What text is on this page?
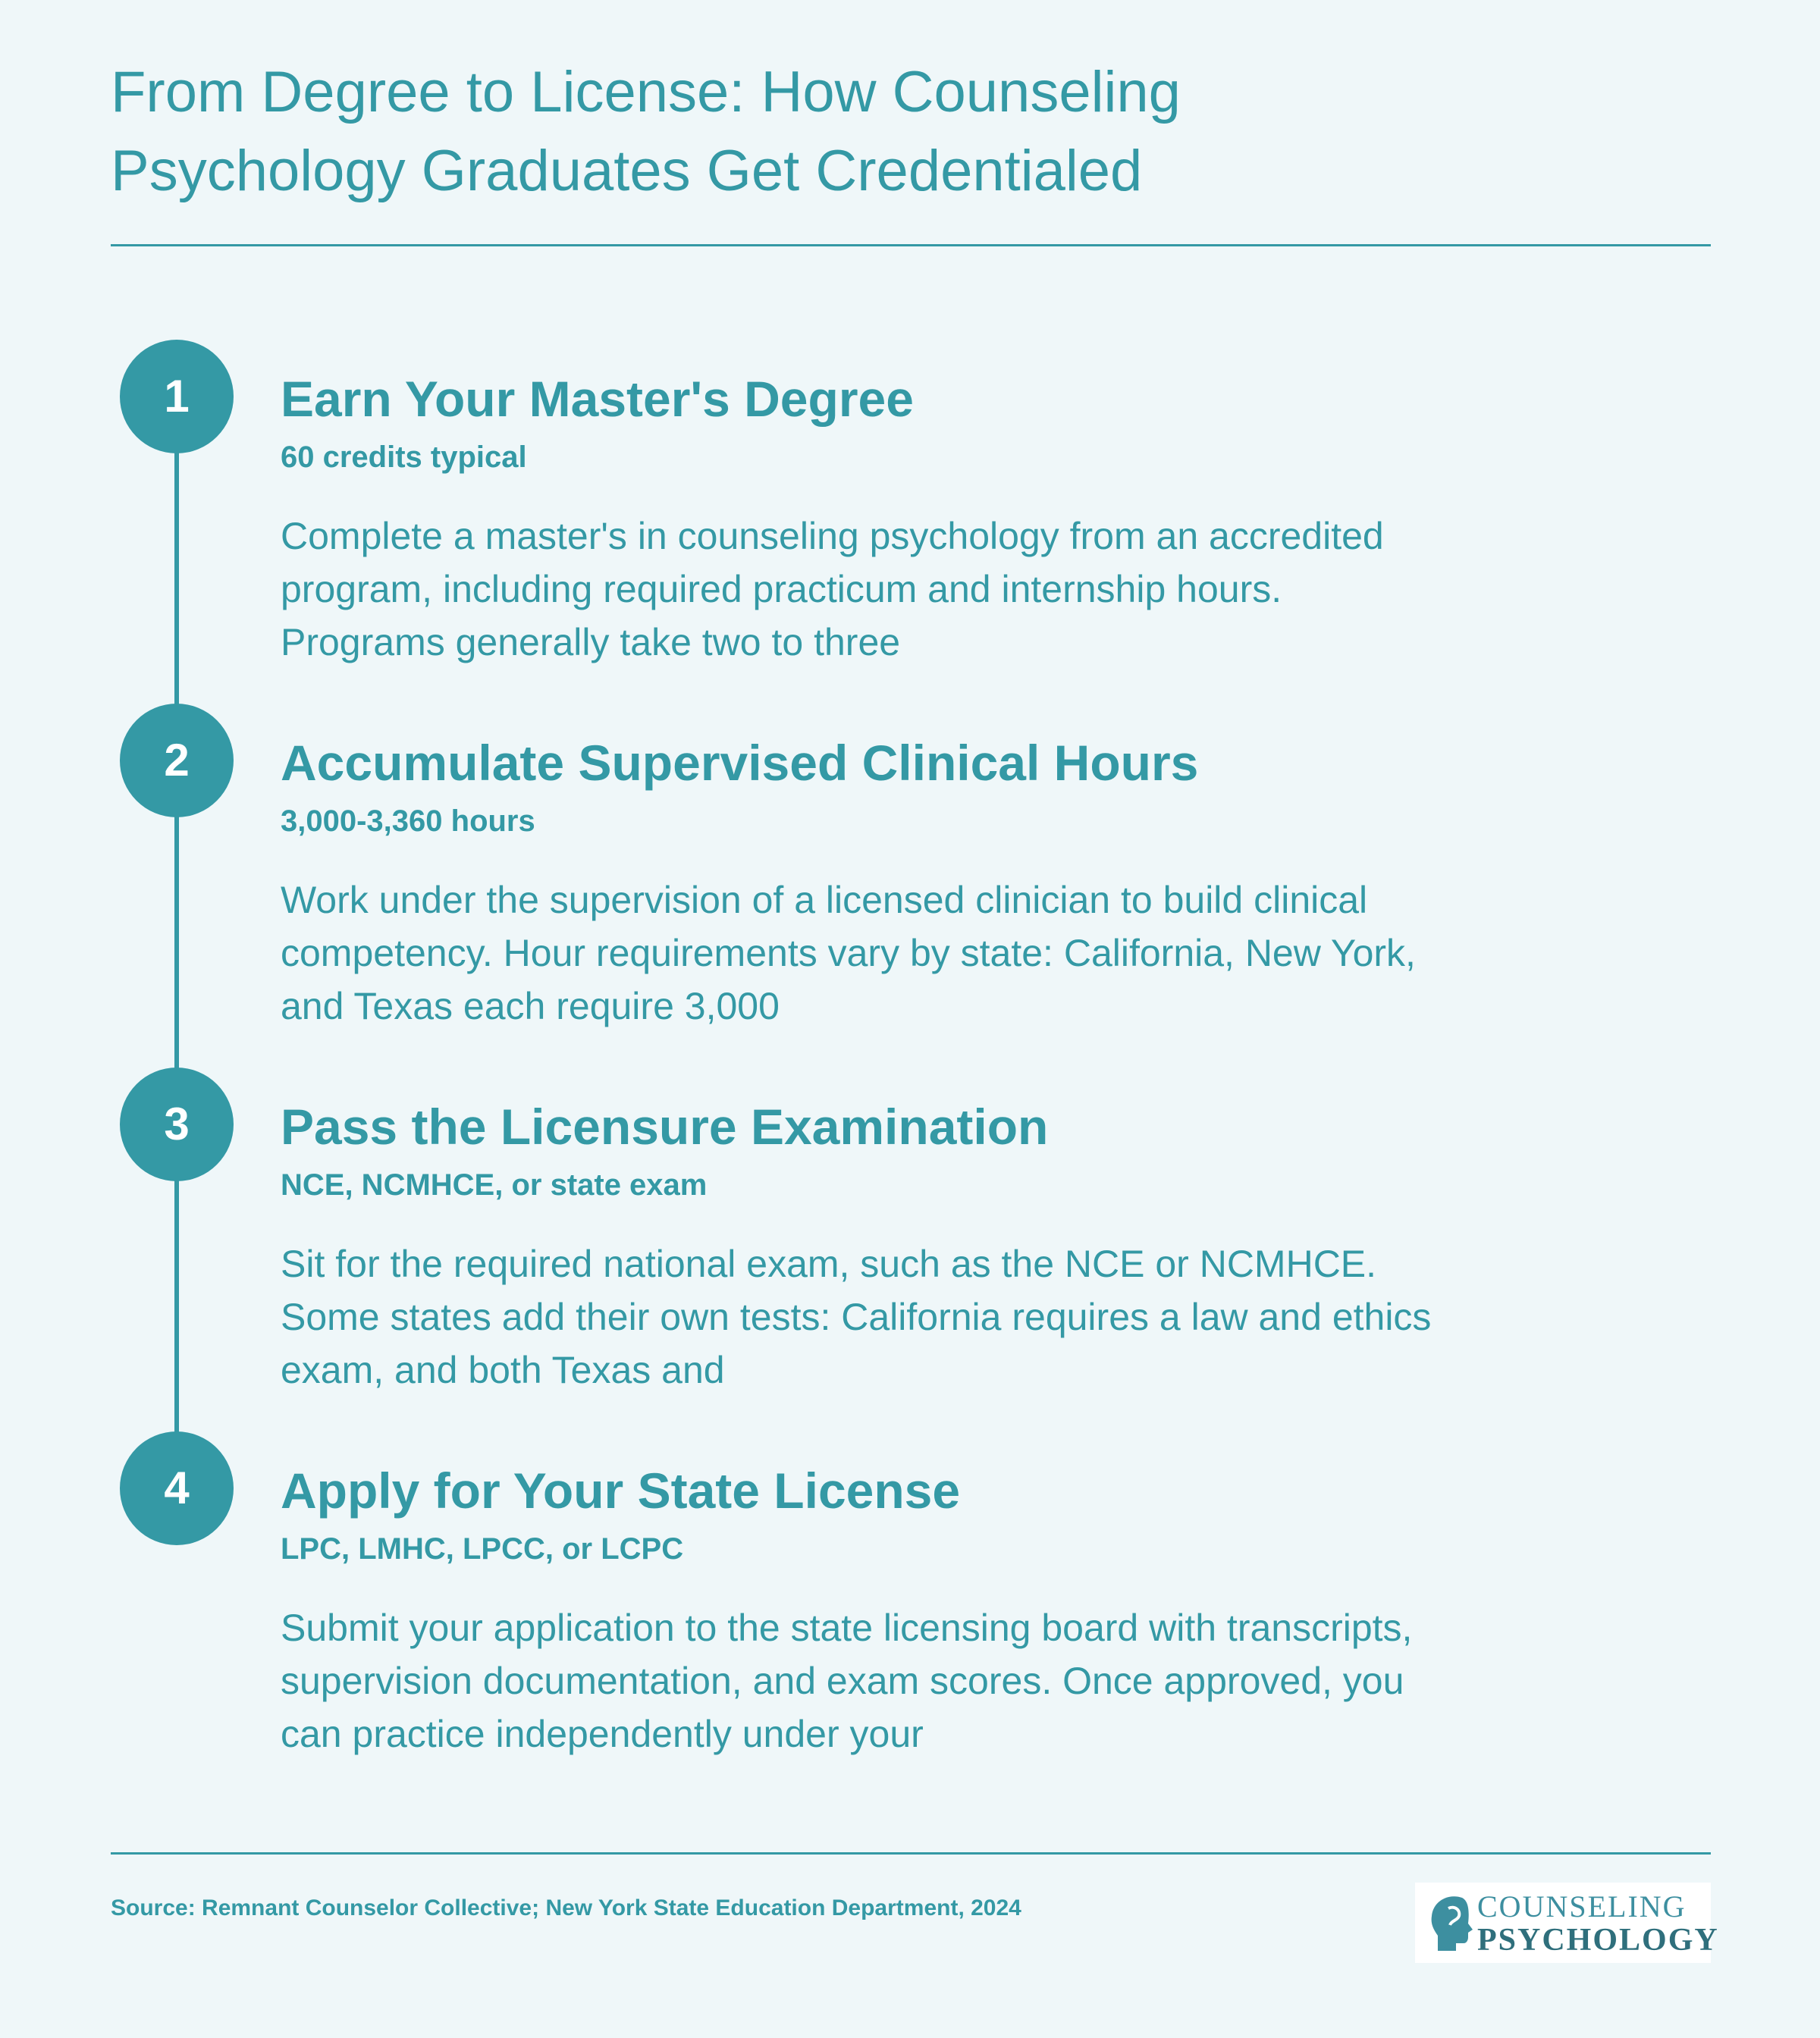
From Degree to License: How Counseling
Psychology Graduates Get Credentialed
1	Earn Your Master's Degree
60 credits typical
Complete a master's in counseling psychology from an accredited program, including required practicum and internship hours. Programs generally take two to three
2	Accumulate Supervised Clinical Hours
3,000-3,360 hours
Work under the supervision of a licensed clinician to build clinical competency. Hour requirements vary by state: California, New York, and Texas each require 3,000
3	Pass the Licensure Examination
NCE, NCMHCE, or state exam
Sit for the required national exam, such as the NCE or NCMHCE. Some states add their own tests: California requires a law and ethics exam, and both Texas and
4	Apply for Your State License
LPC, LMHC, LPCC, or LCPC
Submit your application to the state licensing board with transcripts, supervision documentation, and exam scores. Once approved, you can practice independently under your
Source: Remnant Counselor Collective; New York State Education Department, 2024	COUNSELING
PSYCHOLOGY
